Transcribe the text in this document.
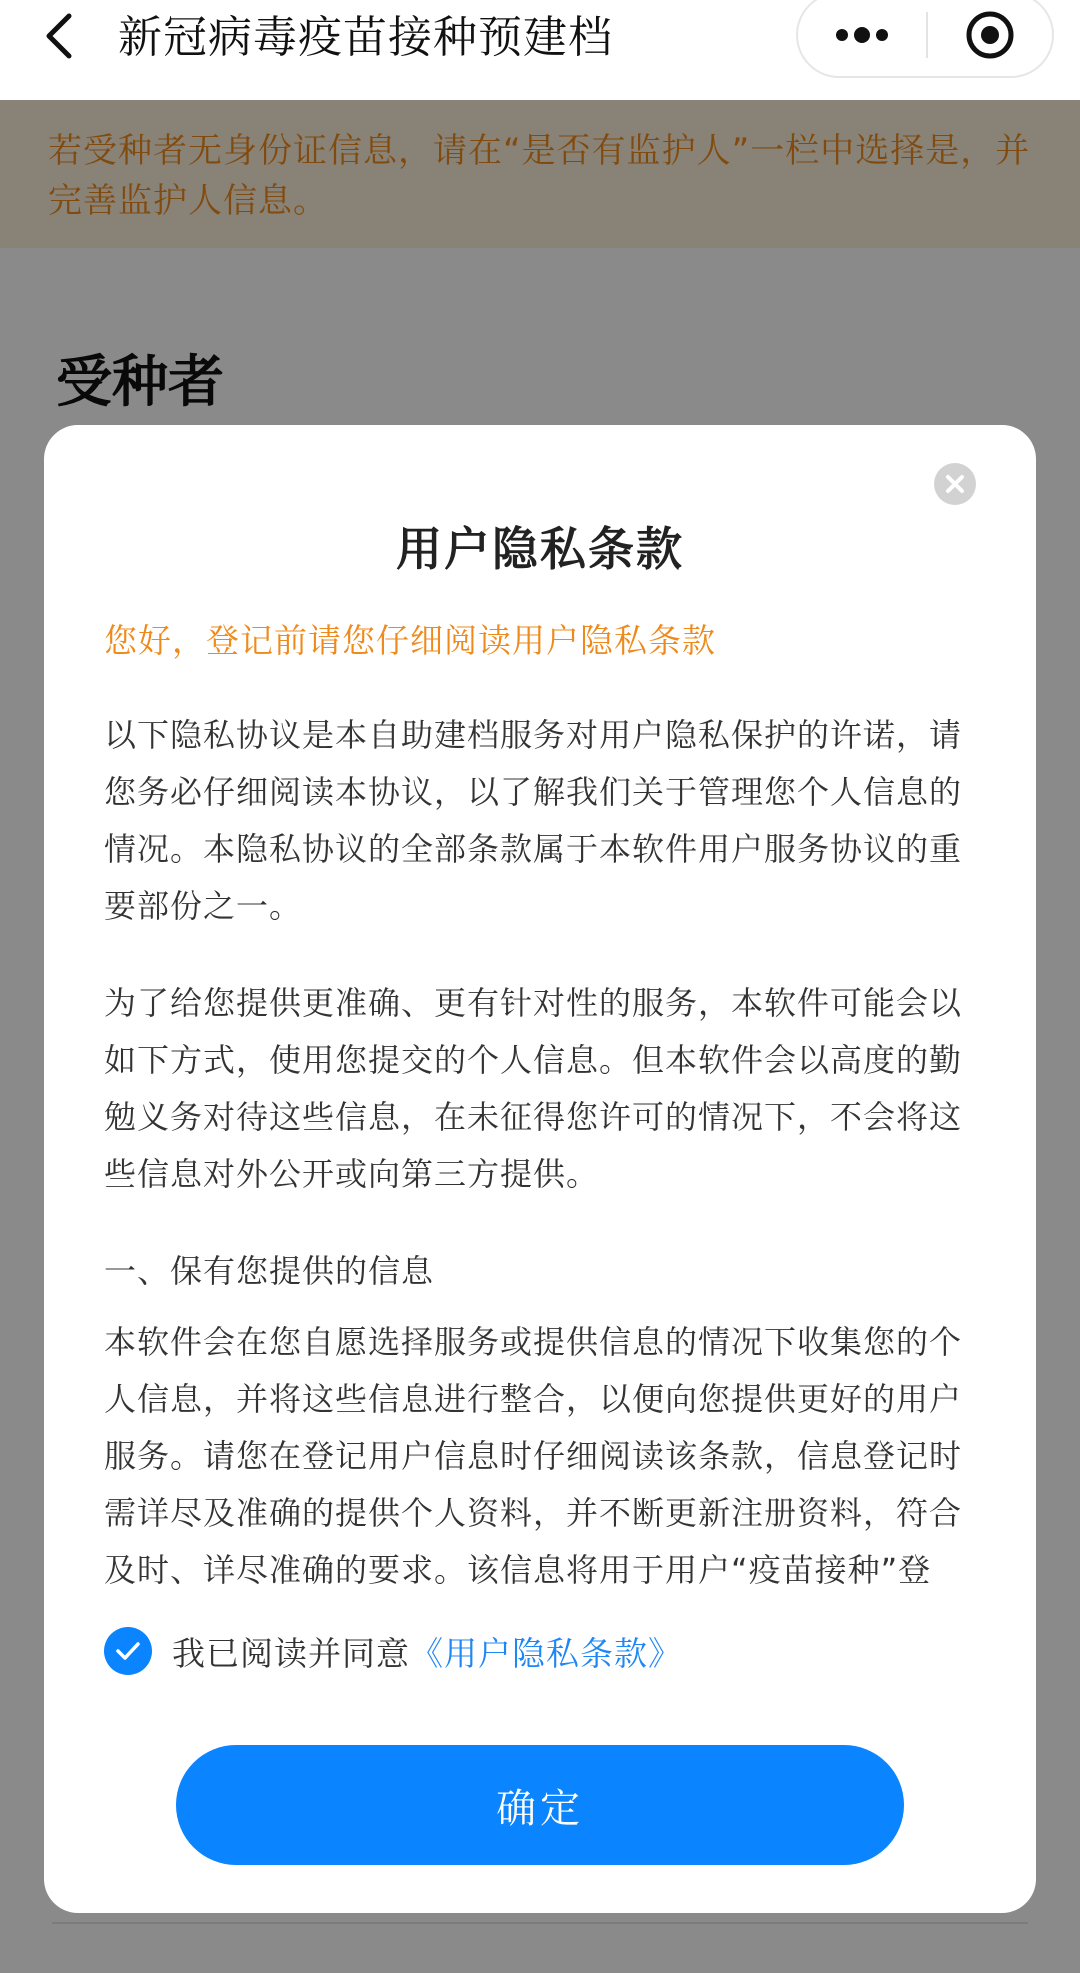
新冠病毒疫苗接种预建档
若受种者无身份证信息，请在“是否有监护人”一栏中选择是，并完善监护人信息。
受种者
用户隐私条款
您好，登记前请您仔细阅读用户隐私条款

以下隐私协议是本自助建档服务对用户隐私保护的许诺，请您务必仔细阅读本协议，以了解我们关于管理您个人信息的情况。本隐私协议的全部条款属于本软件用户服务协议的重要部份之一。

为了给您提供更准确、更有针对性的服务，本软件可能会以如下方式，使用您提交的个人信息。但本软件会以高度的勤勉义务对待这些信息，在未征得您许可的情况下，不会将这些信息对外公开或向第三方提供。

一、保有您提供的信息

本软件会在您自愿选择服务或提供信息的情况下收集您的个人信息，并将这些信息进行整合，以便向您提供更好的用户服务。请您在登记用户信息时仔细阅读该条款，信息登记时需详尽及准确的提供个人资料，并不断更新注册资料，符合及时、详尽准确的要求。该信息将用于用户“疫苗接种”登

我已阅读并同意 《用户隐私条款》
确定
